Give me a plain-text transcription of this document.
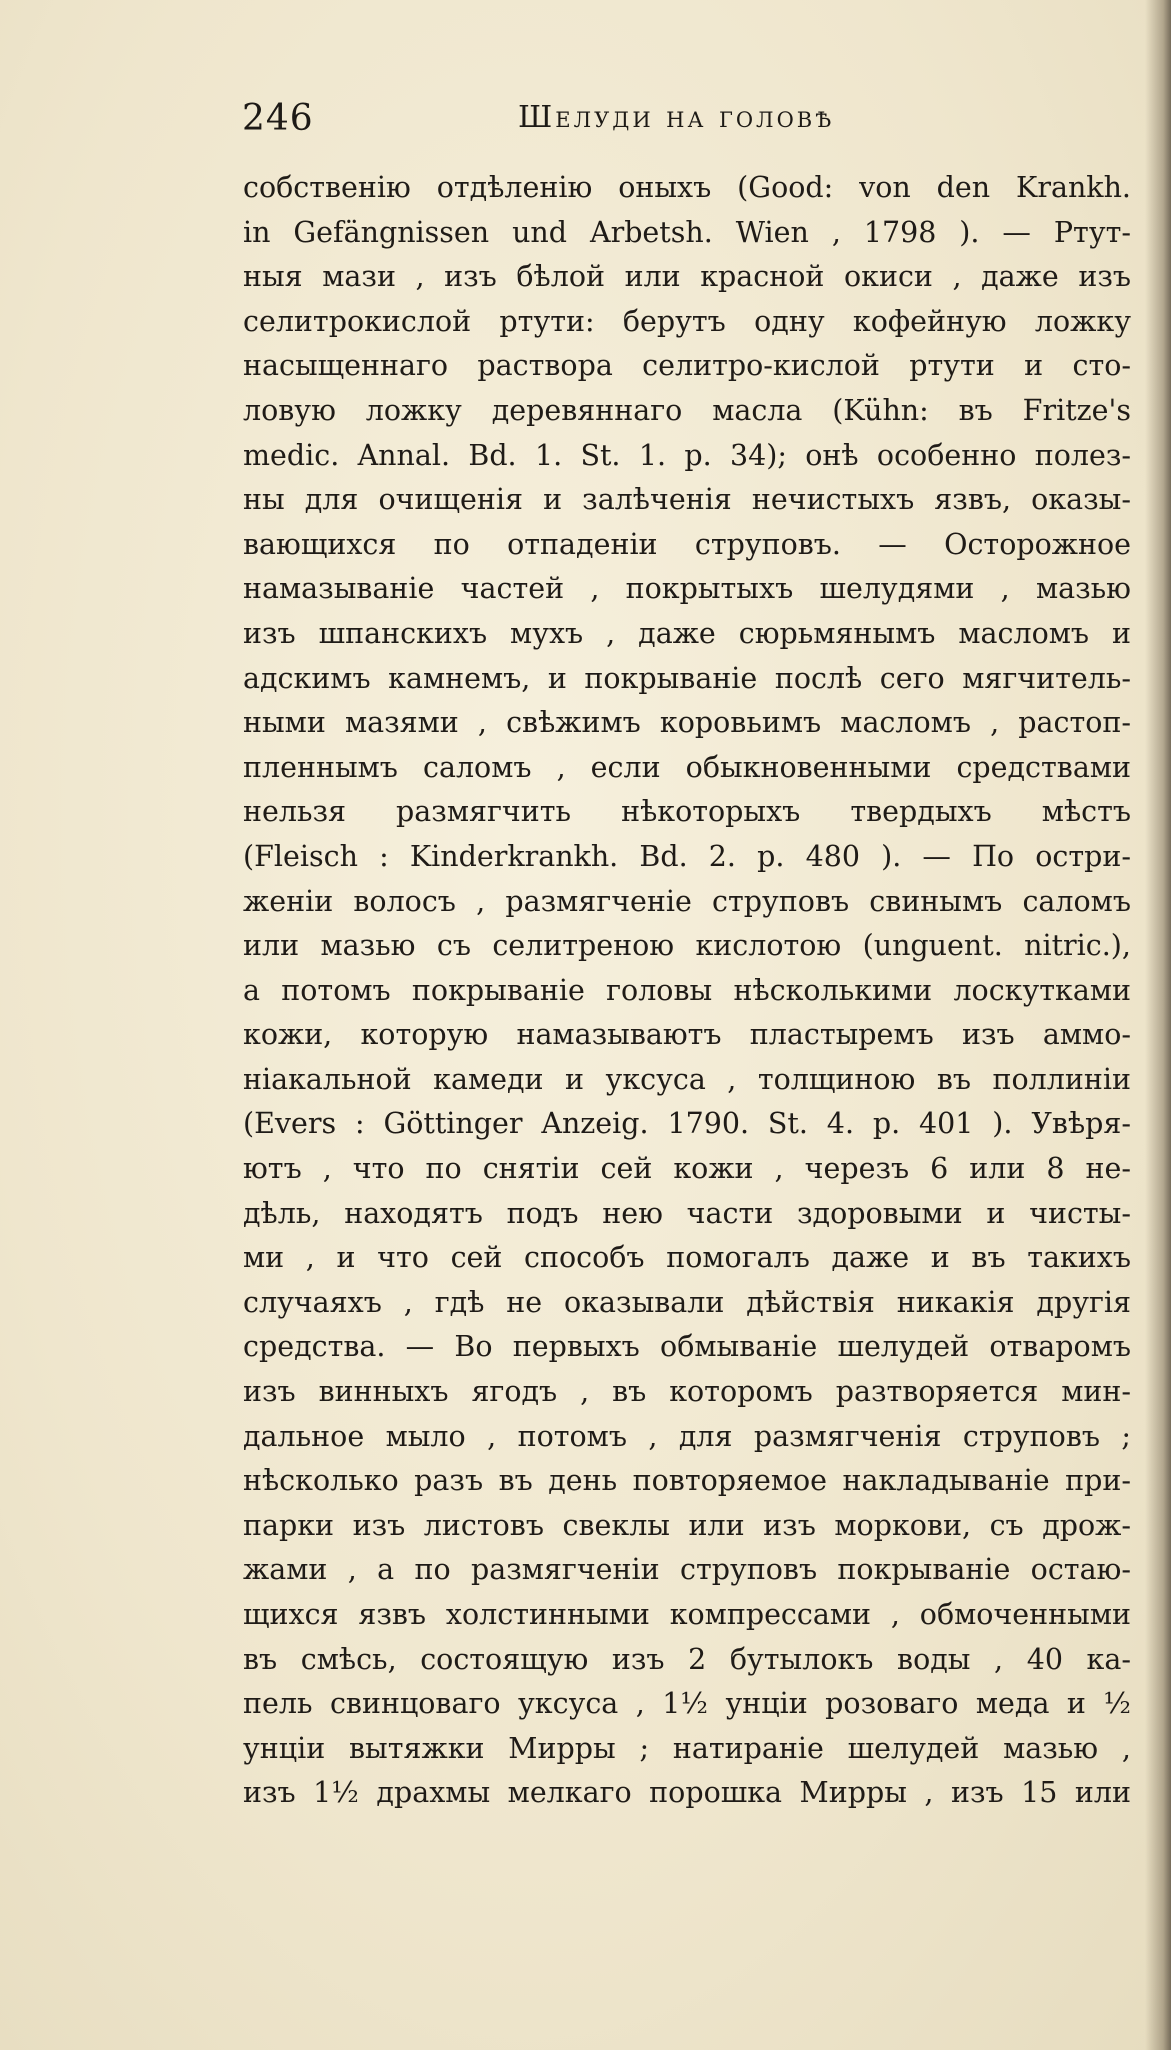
246	Шелуди на головѣ
собственію отдѣленію оныхъ (Good: von den Krankh.
in Gefängnissen und Arbetsh. Wien , 1798 ). — Ртут-
ныя мази , изъ бѣлой или красной окиси , даже изъ
селитрокислой ртути: берутъ одну кофейную ложку
насыщеннаго раствора селитро-кислой ртути и сто-
ловую ложку деревяннаго масла (Kühn: въ Fritze's
medic. Annal. Bd. 1. St. 1. p. 34); онѣ особенно полез-
ны для очищенія и залѣченія нечистыхъ язвъ, оказы-
вающихся по отпаденіи струповъ. — Осторожное
намазываніе частей , покрытыхъ шелудями , мазью
изъ шпанскихъ мухъ , даже сюрьмянымъ масломъ и
адскимъ камнемъ, и покрываніе послѣ сего мягчитель-
ными мазями , свѣжимъ коровьимъ масломъ , растоп-
пленнымъ саломъ , если обыкновенными средствами
нельзя размягчить нѣкоторыхъ твердыхъ мѣстъ
(Fleisch : Kinderkrankh. Bd. 2. p. 480 ). — По остри-
женіи волосъ , размягченіе струповъ свинымъ саломъ
или мазью съ селитреною кислотою (unguent. nitric.),
а потомъ покрываніе головы нѣсколькими лоскутками
кожи, которую намазываютъ пластыремъ изъ аммо-
ніакальной камеди и уксуса , толщиною въ поллиніи
(Evers : Göttinger Anzeig. 1790. St. 4. p. 401 ). Увѣря-
ютъ , что по снятіи сей кожи , черезъ 6 или 8 не-
дѣль, находятъ подъ нею части здоровыми и чисты-
ми , и что сей способъ помогалъ даже и въ такихъ
случаяхъ , гдѣ не оказывали дѣйствія никакія другія
средства. — Во первыхъ обмываніе шелудей отваромъ
изъ винныхъ ягодъ , въ которомъ разтворяется мин-
дальное мыло , потомъ , для размягченія струповъ ;
нѣсколько разъ въ день повторяемое накладываніе при-
парки изъ листовъ свеклы или изъ моркови, съ дрож-
жами , а по размягченіи струповъ покрываніе остаю-
щихся язвъ холстинными компрессами , обмоченными
въ смѣсь, состоящую изъ 2 бутылокъ воды , 40 ка-
пель свинцоваго уксуса , 1½ унціи розоваго меда и ½
унціи вытяжки Мирры ; натираніе шелудей мазью ,
изъ 1½ драхмы мелкаго порошка Мирры , изъ 15 или
